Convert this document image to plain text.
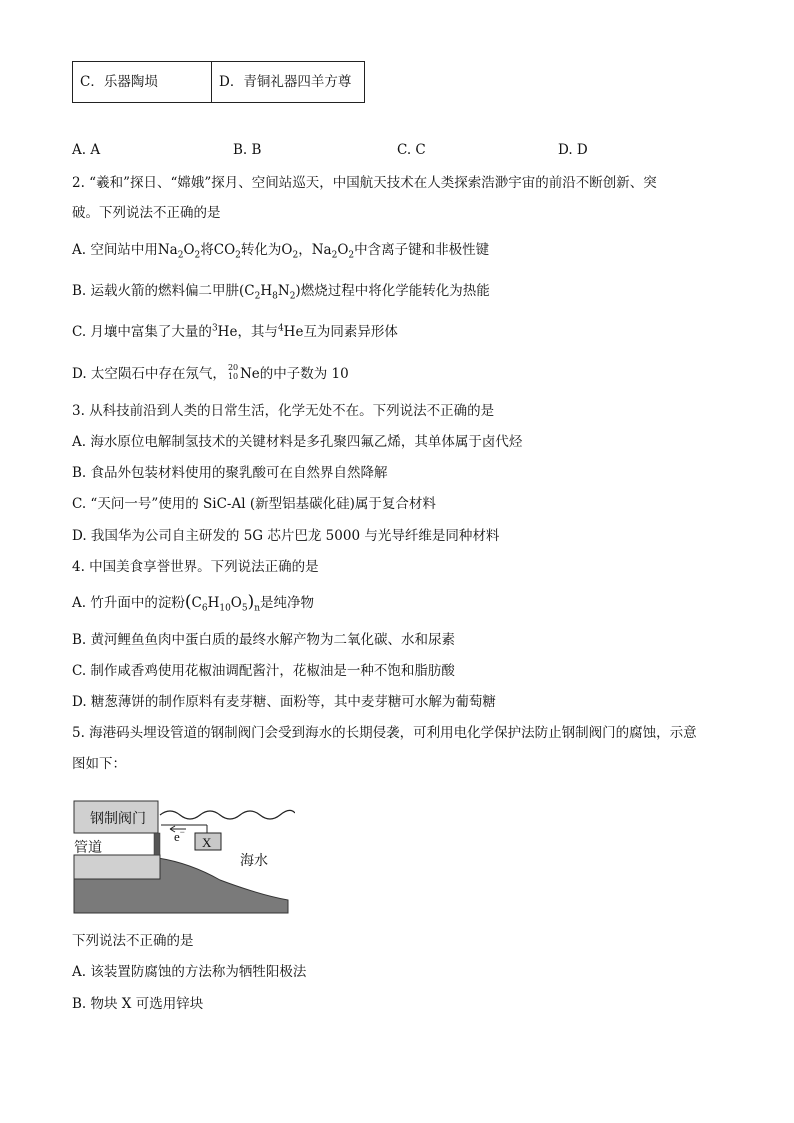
C．乐器陶埙	D．青铜礼器四羊方尊
A. A	B. B	C. C	D. D
2. “羲和”探日、“嫦娥”探月、空间站巡天，中国航天技术在人类探索浩渺宇宙的前沿不断创新、突
破。下列说法不正确的是
A. 空间站中用$Na_2O_2$将$CO_2$转化为$O_2$，$Na_2O_2$中含离子键和非极性键
B. 运载火箭的燃料偏二甲肼$(C_2H_8N_2)$燃烧过程中将化学能转化为热能
C. 月壤中富集了大量的$^3$He，其与$^4$He互为同素异形体
D. 太空陨石中存在氖气， 20
10 Ne的中子数为 10
3. 从科技前沿到人类的日常生活，化学无处不在。下列说法不正确的是
A. 海水原位电解制氢技术的关键材料是多孔聚四氟乙烯，其单体属于卤代烃
B. 食品外包装材料使用的聚乳酸可在自然界自然降解
C. “天问一号”使用的 SiC-Al (新型铝基碳化硅)属于复合材料
D. 我国华为公司自主研发的 5G 芯片巴龙 5000 与光导纤维是同种材料
4. 中国美食享誉世界。下列说法正确的是
A. 竹升面中的淀粉$(C_6H_{10}O_5)_n$是纯净物
B. 黄河鲤鱼鱼肉中蛋白质的最终水解产物为二氧化碳、水和尿素
C. 制作咸香鸡使用花椒油调配酱汁，花椒油是一种不饱和脂肪酸
D. 糖葱薄饼的制作原料有麦芽糖、面粉等，其中麦芽糖可水解为葡萄糖
5. 海港码头埋设管道的钢制阀门会受到海水的长期侵袭，可利用电化学保护法防止钢制阀门的腐蚀，示意
图如下：
钢制阀门
管道
e−
X
海水
下列说法不正确的是
A. 该装置防腐蚀的方法称为牺牲阳极法
B. 物块 X 可选用锌块
